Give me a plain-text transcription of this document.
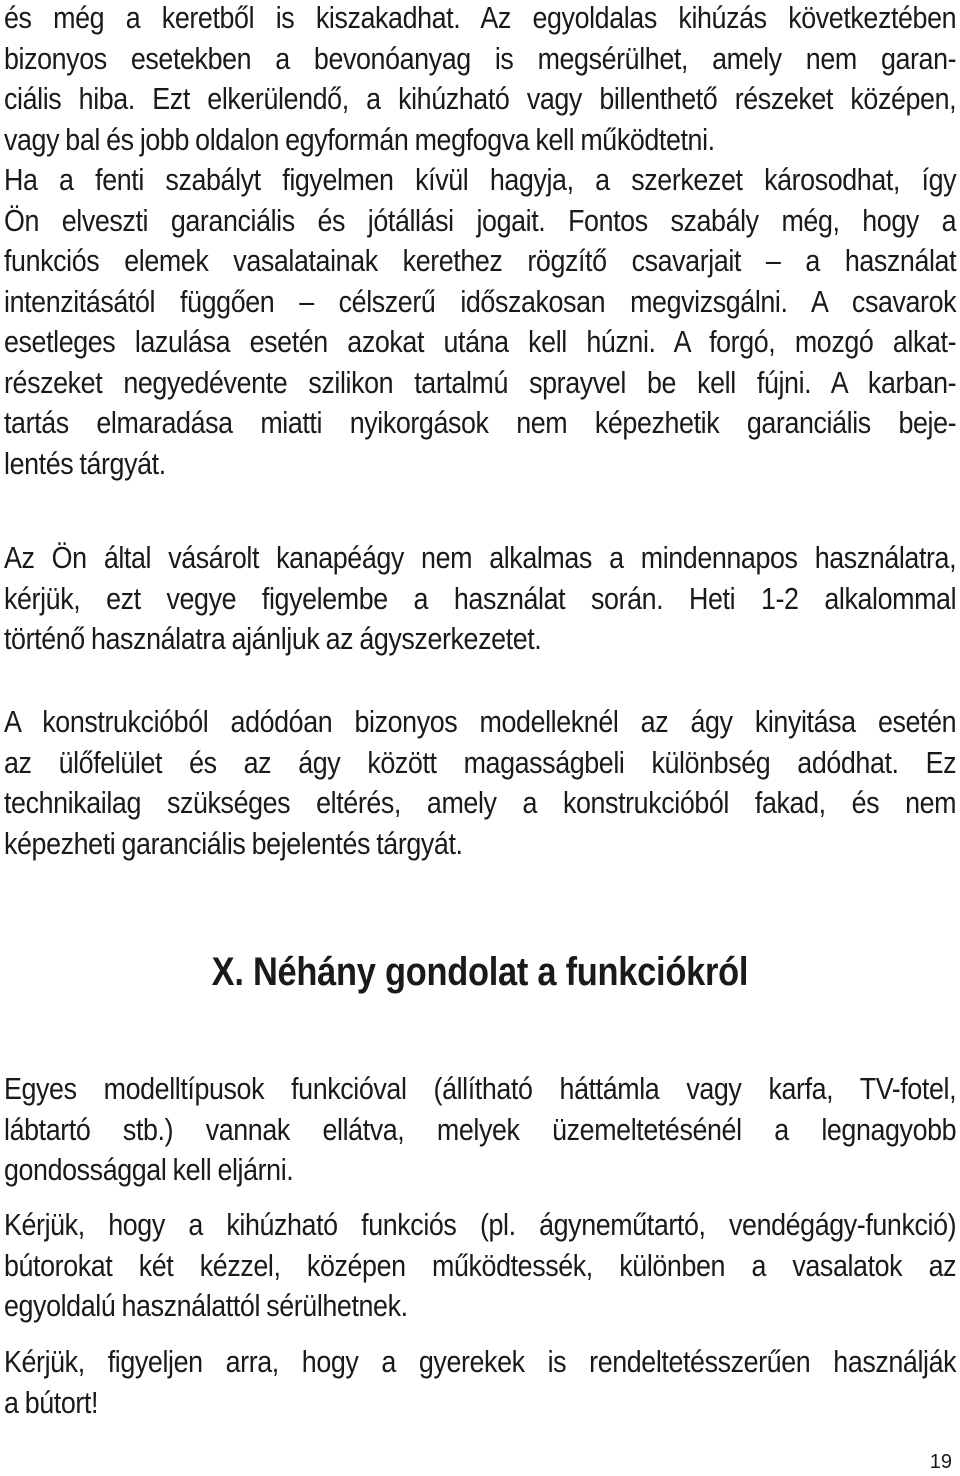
és még a keretből is kiszakadhat. Az egyoldalas kihúzás következtében
bizonyos esetekben a bevonóanyag is megsérülhet, amely nem garan-
ciális hiba. Ezt elkerülendő, a kihúzható vagy billenthető részeket középen,
vagy bal és jobb oldalon egyformán megfogva kell működtetni.
Ha a fenti szabályt figyelmen kívül hagyja, a szerkezet károsodhat, így
Ön elveszti garanciális és jótállási jogait. Fontos szabály még, hogy a
funkciós elemek vasalatainak kerethez rögzítő csavarjait – a használat
intenzitásától függően – célszerű időszakosan megvizsgálni. A csavarok
esetleges lazulása esetén azokat utána kell húzni. A forgó, mozgó alkat-
részeket negyedévente szilikon tartalmú sprayvel be kell fújni. A karban-
tartás elmaradása miatti nyikorgások nem képezhetik garanciális beje-
lentés tárgyát.
Az Ön által vásárolt kanapéágy nem alkalmas a mindennapos használatra,
kérjük, ezt vegye figyelembe a használat során. Heti 1-2 alkalommal
történő használatra ajánljuk az ágyszerkezetet.
A konstrukcióból adódóan bizonyos modelleknél az ágy kinyitása esetén
az ülőfelület és az ágy között magasságbeli különbség adódhat. Ez
technikailag szükséges eltérés, amely a konstrukcióból fakad, és nem
képezheti garanciális bejelentés tárgyát.
X. Néhány gondolat a funkciókról
Egyes modelltípusok funkcióval (állítható háttámla vagy karfa, TV-fotel,
lábtartó stb.) vannak ellátva, melyek üzemeltetésénél a legnagyobb
gondossággal kell eljárni.
Kérjük, hogy a kihúzható funkciós (pl. ágyneműtartó, vendégágy-funkció)
bútorokat két kézzel, középen működtessék, különben a vasalatok az
egyoldalú használattól sérülhetnek.
Kérjük, figyeljen arra, hogy a gyerekek is rendeltetésszerűen használják
a bútort!
19
